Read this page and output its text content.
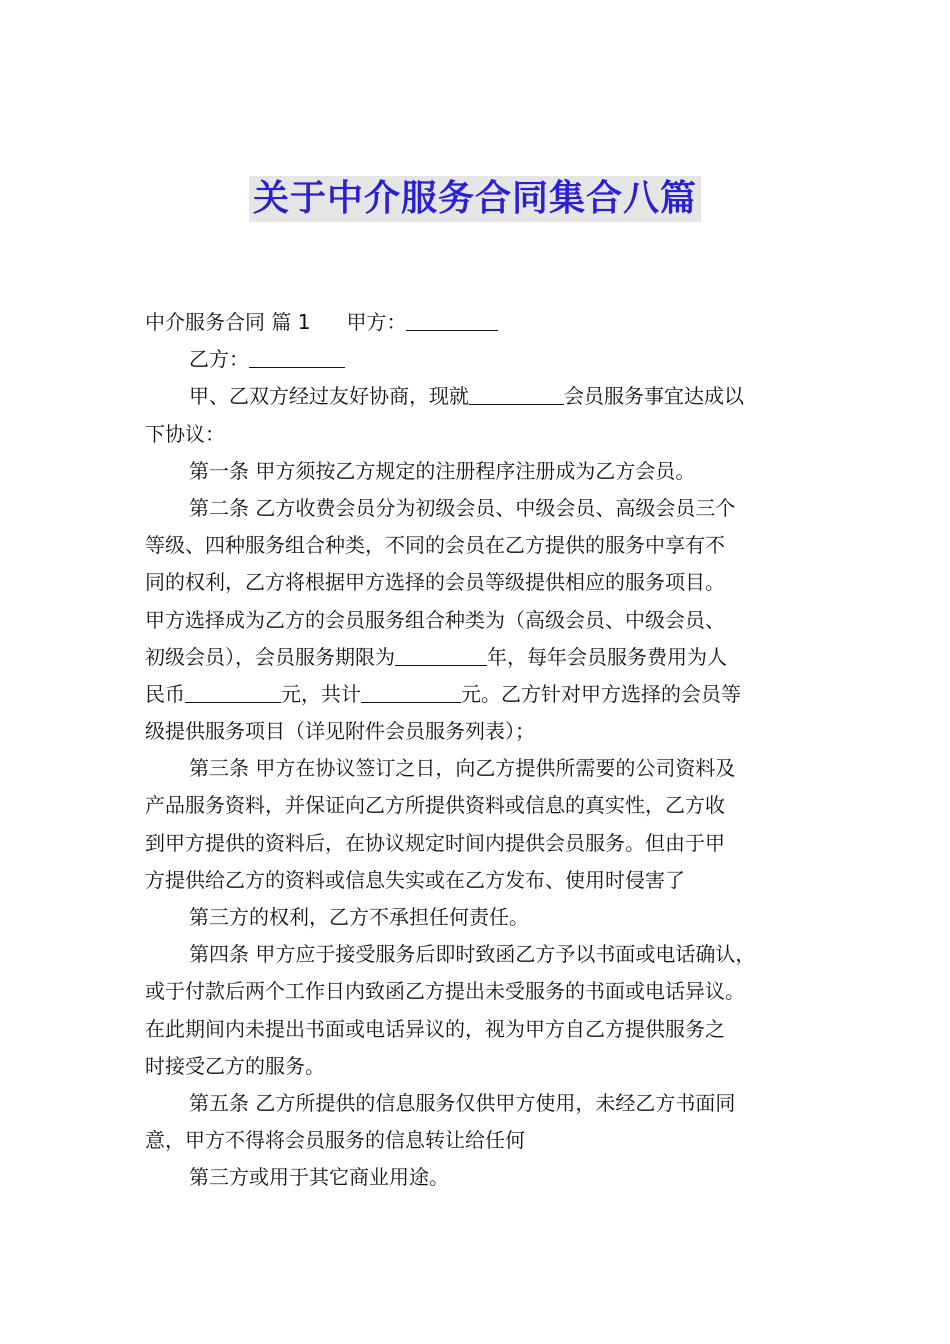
关于中介服务合同集合八篇
中介服务合同 篇 1 甲方：
乙方：
甲、乙双方经过友好协商，现就	会员服务事宜达成以
下协议：
第一条 甲方须按乙方规定的注册程序注册成为乙方会员。
第二条 乙方收费会员分为初级会员、中级会员、高级会员三个
等级、四种服务组合种类，不同的会员在乙方提供的服务中享有不
同的权利，乙方将根据甲方选择的会员等级提供相应的服务项目。
甲方选择成为乙方的会员服务组合种类为（高级会员、中级会员、
初级会员），会员服务期限为	年，每年会员服务费用为人
民币	元，共计	元。乙方针对甲方选择的会员等
级提供服务项目（详见附件会员服务列表）；
第三条 甲方在协议签订之日，向乙方提供所需要的公司资料及
产品服务资料，并保证向乙方所提供资料或信息的真实性，乙方收
到甲方提供的资料后，在协议规定时间内提供会员服务。但由于甲
方提供给乙方的资料或信息失实或在乙方发布、使用时侵害了
第三方的权利，乙方不承担任何责任。
第四条 甲方应于接受服务后即时致函乙方予以书面或电话确认，
或于付款后两个工作日内致函乙方提出未受服务的书面或电话异议。
在此期间内未提出书面或电话异议的，视为甲方自乙方提供服务之
时接受乙方的服务。
第五条 乙方所提供的信息服务仅供甲方使用，未经乙方书面同
意，甲方不得将会员服务的信息转让给任何
第三方或用于其它商业用途。
